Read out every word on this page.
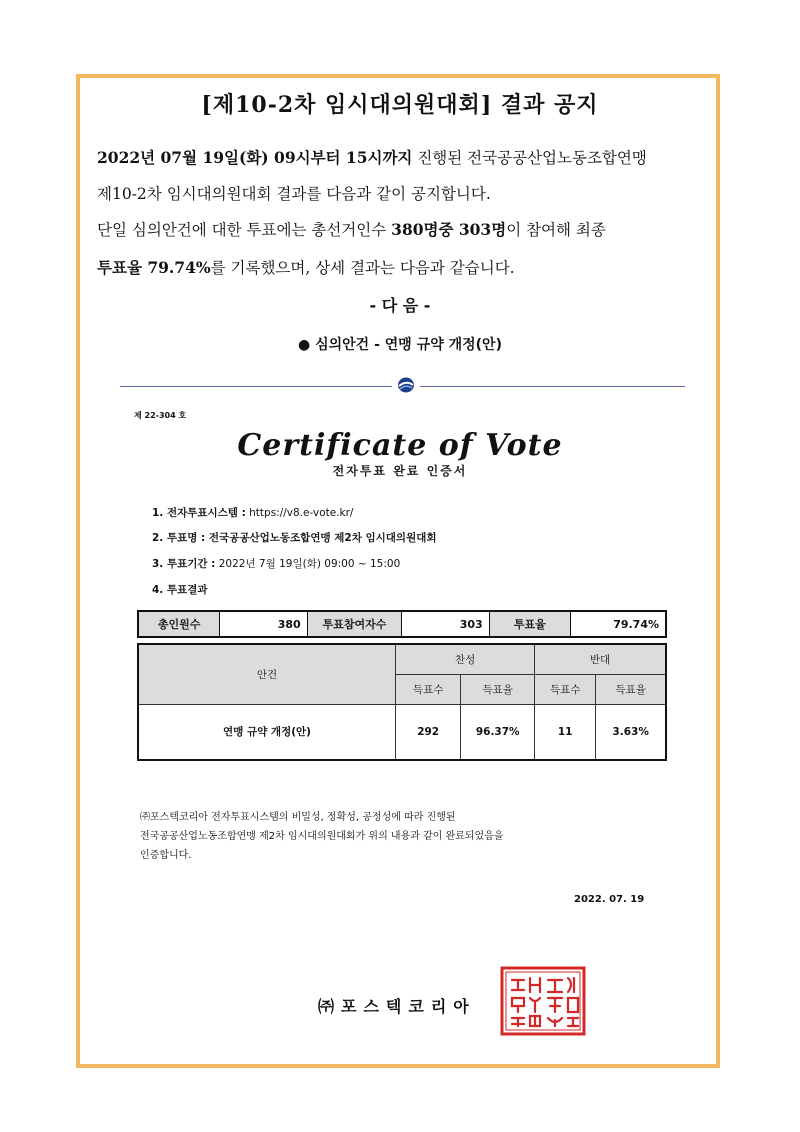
[제10-2차 임시대의원대회] 결과 공지
2022년 07월 19일(화) 09시부터 15시까지 진행된 전국공공산업노동조합연맹
제10-2차 임시대의원대회 결과를 다음과 같이 공지합니다.
단일 심의안건에 대한 투표에는 총선거인수 380명중 303명이 참여해 최종
투표율 79.74%를 기록했으며, 상세 결과는 다음과 같습니다.
- 다 음 -
● 심의안건 - 연맹 규약 개정(안)
제 22-304 호
Certificate of Vote
전자투표 완료 인증서
1. 전자투표시스템 : https://v8.e-vote.kr/
2. 투표명 : 전국공공산업노동조합연맹 제2차 임시대의원대회
3. 투표기간 : 2022년 7월 19일(화) 09:00 ~ 15:00
4. 투표결과
총인원수	380	투표참여자수	303	투표율	79.74%
안건	찬성		반대	
	득표수	득표율	득표수	득표율
연맹 규약 개정(안)	292	96.37%	11	3.63%
㈜포스텍코리아 전자투표시스템의 비밀성, 정확성, 공정성에 따라 진행된
전국공공산업노동조합연맹 제2차 임시대의원대회가 위의 내용과 같이 완료되었음을
인증합니다.
2022. 07. 19
㈜포스텍코리아
